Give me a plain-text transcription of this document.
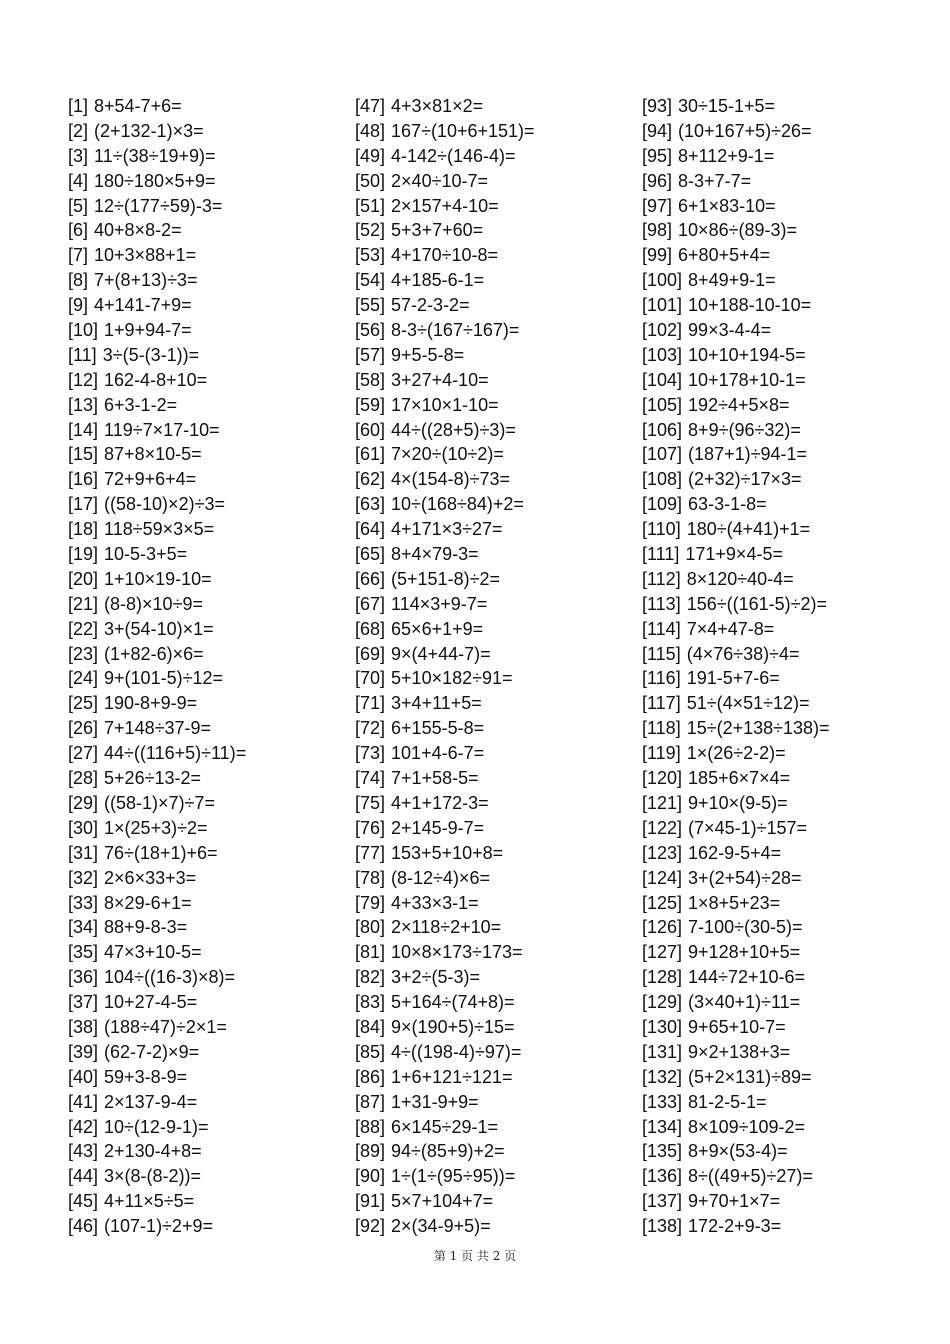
[1] 8+54-7+6=
[2] (2+132-1)×3=
[3] 11÷(38÷19+9)=
[4] 180÷180×5+9=
[5] 12÷(177÷59)-3=
[6] 40+8×8-2=
[7] 10+3×88+1=
[8] 7+(8+13)÷3=
[9] 4+141-7+9=
[10] 1+9+94-7=
[11] 3÷(5-(3-1))=
[12] 162-4-8+10=
[13] 6+3-1-2=
[14] 119÷7×17-10=
[15] 87+8×10-5=
[16] 72+9+6+4=
[17] ((58-10)×2)÷3=
[18] 118÷59×3×5=
[19] 10-5-3+5=
[20] 1+10×19-10=
[21] (8-8)×10÷9=
[22] 3+(54-10)×1=
[23] (1+82-6)×6=
[24] 9+(101-5)÷12=
[25] 190-8+9-9=
[26] 7+148÷37-9=
[27] 44÷((116+5)÷11)=
[28] 5+26÷13-2=
[29] ((58-1)×7)÷7=
[30] 1×(25+3)÷2=
[31] 76÷(18+1)+6=
[32] 2×6×33+3=
[33] 8×29-6+1=
[34] 88+9-8-3=
[35] 47×3+10-5=
[36] 104÷((16-3)×8)=
[37] 10+27-4-5=
[38] (188÷47)÷2×1=
[39] (62-7-2)×9=
[40] 59+3-8-9=
[41] 2×137-9-4=
[42] 10÷(12-9-1)=
[43] 2+130-4+8=
[44] 3×(8-(8-2))=
[45] 4+11×5÷5=
[46] (107-1)÷2+9=
[47] 4+3×81×2=
[48] 167÷(10+6+151)=
[49] 4-142÷(146-4)=
[50] 2×40÷10-7=
[51] 2×157+4-10=
[52] 5+3+7+60=
[53] 4+170÷10-8=
[54] 4+185-6-1=
[55] 57-2-3-2=
[56] 8-3÷(167÷167)=
[57] 9+5-5-8=
[58] 3+27+4-10=
[59] 17×10×1-10=
[60] 44÷((28+5)÷3)=
[61] 7×20÷(10÷2)=
[62] 4×(154-8)÷73=
[63] 10÷(168÷84)+2=
[64] 4+171×3÷27=
[65] 8+4×79-3=
[66] (5+151-8)÷2=
[67] 114×3+9-7=
[68] 65×6+1+9=
[69] 9×(4+44-7)=
[70] 5+10×182÷91=
[71] 3+4+11+5=
[72] 6+155-5-8=
[73] 101+4-6-7=
[74] 7+1+58-5=
[75] 4+1+172-3=
[76] 2+145-9-7=
[77] 153+5+10+8=
[78] (8-12÷4)×6=
[79] 4+33×3-1=
[80] 2×118÷2+10=
[81] 10×8×173÷173=
[82] 3+2÷(5-3)=
[83] 5+164÷(74+8)=
[84] 9×(190+5)÷15=
[85] 4÷((198-4)÷97)=
[86] 1+6+121÷121=
[87] 1+31-9+9=
[88] 6×145÷29-1=
[89] 94÷(85+9)+2=
[90] 1÷(1÷(95÷95))=
[91] 5×7+104+7=
[92] 2×(34-9+5)=
[93] 30÷15-1+5=
[94] (10+167+5)÷26=
[95] 8+112+9-1=
[96] 8-3+7-7=
[97] 6+1×83-10=
[98] 10×86÷(89-3)=
[99] 6+80+5+4=
[100] 8+49+9-1=
[101] 10+188-10-10=
[102] 99×3-4-4=
[103] 10+10+194-5=
[104] 10+178+10-1=
[105] 192÷4+5×8=
[106] 8+9÷(96÷32)=
[107] (187+1)÷94-1=
[108] (2+32)÷17×3=
[109] 63-3-1-8=
[110] 180÷(4+41)+1=
[111] 171+9×4-5=
[112] 8×120÷40-4=
[113] 156÷((161-5)÷2)=
[114] 7×4+47-8=
[115] (4×76÷38)÷4=
[116] 191-5+7-6=
[117] 51÷(4×51÷12)=
[118] 15÷(2+138÷138)=
[119] 1×(26÷2-2)=
[120] 185+6×7×4=
[121] 9+10×(9-5)=
[122] (7×45-1)÷157=
[123] 162-9-5+4=
[124] 3+(2+54)÷28=
[125] 1×8+5+23=
[126] 7-100÷(30-5)=
[127] 9+128+10+5=
[128] 144÷72+10-6=
[129] (3×40+1)÷11=
[130] 9+65+10-7=
[131] 9×2+138+3=
[132] (5+2×131)÷89=
[133] 81-2-5-1=
[134] 8×109÷109-2=
[135] 8+9×(53-4)=
[136] 8÷((49+5)÷27)=
[137] 9+70+1×7=
[138] 172-2+9-3=
第 1 页 共 2 页
